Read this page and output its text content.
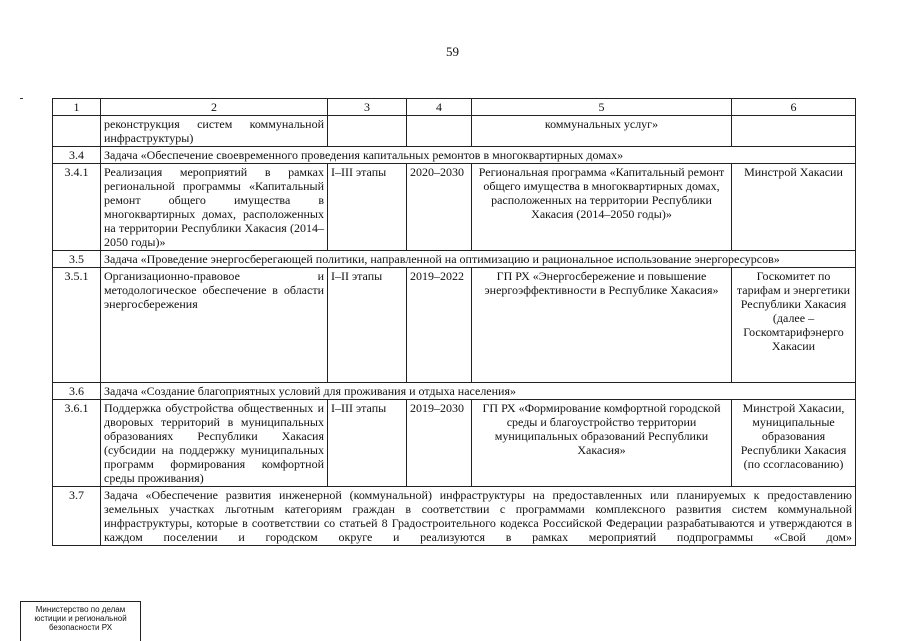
59
1	2	3	4	5	6
	реконструкция систем коммунальной инфраструктуры)			коммунальных услуг»	
3.4	Задача «Обеспечение своевременного проведения капитальных ремонтов в многоквартирных домах»				
3.4.1	Реализация мероприятий в рамках региональной программы «Капитальный ремонт общего имущества в многоквартирных домах, расположенных на территории Республики Хакасия (2014–2050 годы)»	I–III этапы	2020–2030	Региональная программа «Капитальный ремонт общего имущества в многоквартирных домах, расположенных на территории Республики Хакасия (2014–2050 годы)»	Минстрой Хакасии
3.5	Задача «Проведение энергосберегающей политики, направленной на оптимизацию и рациональное использование энергоресурсов»				
3.5.1	Организационно-правовое и методологическое обеспечение в области энергосбережения	I–II этапы	2019–2022	ГП РХ «Энергосбережение и повышение энергоэффективности в Республике Хакасия»	Госкомитет по тарифам и энергетики Республики Хакасия (далее – Госкомтарифэнерго Хакасии
3.6	Задача «Создание благоприятных условий для проживания и отдыха населения»				
3.6.1	Поддержка обустройства общественных и дворовых территорий в муниципальных образованиях Республики Хакасия (субсидии на поддержку муниципальных программ формирования комфортной среды проживания)	I–III этапы	2019–2030	ГП РХ «Формирование комфортной городской среды и благоустройство территории муниципальных образований Республики Хакасия»	Минстрой Хакасии, муниципальные образования Республики Хакасия (по ссогласованию)
3.7	Задача «Обеспечение развития инженерной (коммунальной) инфраструктуры на предоставленных или планируемых к предоставлению земельных участках льготным категориям граждан в соответствии с программами комплексного развития систем коммунальной инфраструктуры, которые в соответствии со статьей 8 Градостроительного кодекса Российской Федерации разрабатываются и утверждаются в каждом поселении и городском округе и реализуются в рамках мероприятий подпрограммы «Свой дом»				
Министерство по делам юстиции и региональной безопасности РХ
